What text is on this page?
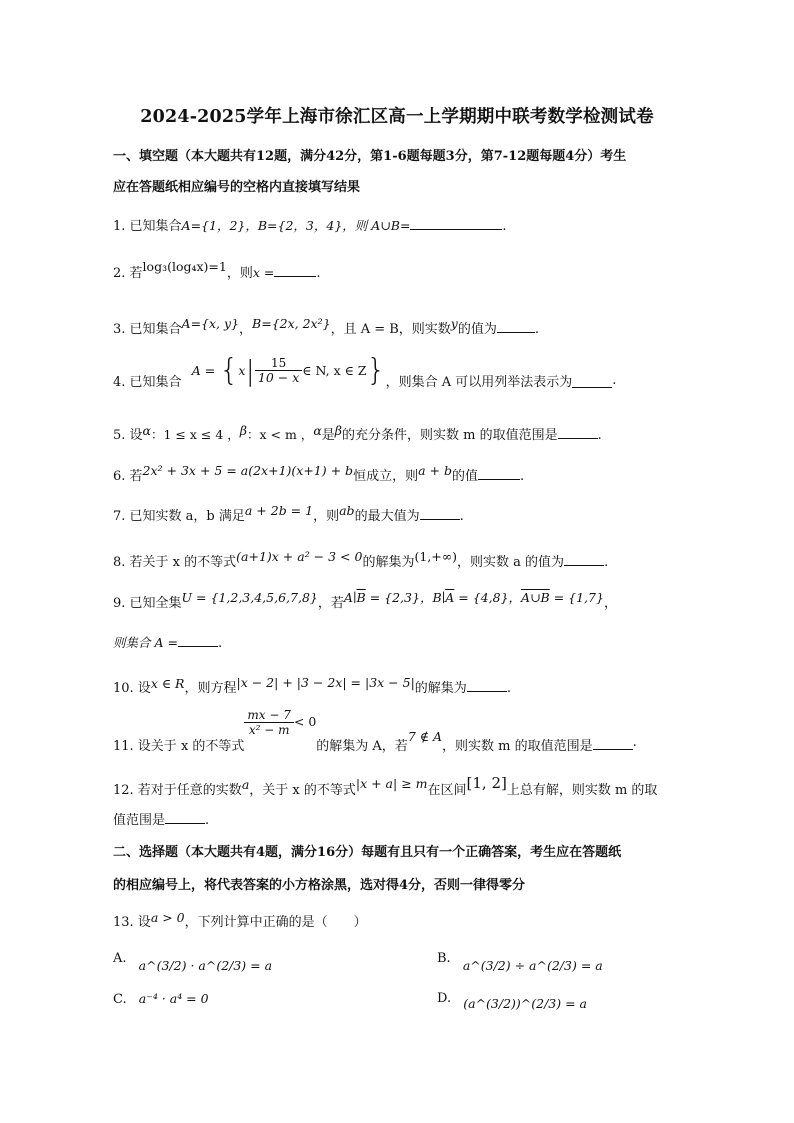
2024-2025学年上海市徐汇区高一上学期期中联考数学检测试卷
一、填空题（本大题共有12题，满分42分，第1-6题每题3分，第7-12题每题4分）考生
应在答题纸相应编号的空格内直接填写结果
1. 已知集合A={1，2}，B={2，3，4}，则 A∪B=	.
2. 若log₃(log₄x)=1，则x =	.
3. 已知集合A={x, y}，B={2x, 2x²}，且 A = B，则实数y的值为	.
4. 已知集合 $A = \{x| \frac{15}{10 - x}$ ∈ N, x ∈ Z}，则集合 A 可以用列举法表示为	.
5. 设α：1 ≤ x ≤ 4 ，β：x < m ，α是β的充分条件，则实数 m 的取值范围是	.
6. 若2x² + 3x + 5 = a(2x+1)(x+1) + b恒成立，则a + b的值	.
7. 已知实数 a，b 满足a + 2b = 1，则ab的最大值为	.
8. 若关于 x 的不等式(a+1)x + a² − 3 < 0的解集为(1,+∞)，则实数 a 的值为	.
9. 已知全集U = {1,2,3,4,5,6,7,8}，若$A∣\overline{B} = \{2,3\}$，$B∣\overline{A} = \{4,8\}$，A∪B = {1,7}，
则集合 A =	.
10. 设x ∈ R，则方程|x − 2| + |3 − 2x| = |3x − 5|的解集为	.
11. 设关于 x 的不等式
$\frac{mx - 7}{\text{x² − m}} < 0$的解集为 A，若7 ∉ A，则实数 m 的取值范围是	.
12. 若对于任意的实数a，关于 x 的不等式|x + a| ≥ m在区间[1, 2]上总有解，则实数 m 的取
值范围是	.
二、选择题（本大题共有4题，满分16分）每题有且只有一个正确答案，考生应在答题纸
的相应编号上，将代表答案的小方格涂黑，选对得4分，否则一律得零分
13. 设a > 0，下列计算中正确的是（　　）
A. a^(3/2) · a^(2/3) = a	B. a^(3/2) ÷ a^(2/3) = a
C. a⁻⁴ · a⁴ = 0	D. (a^(3/2))^(2/3) = a
